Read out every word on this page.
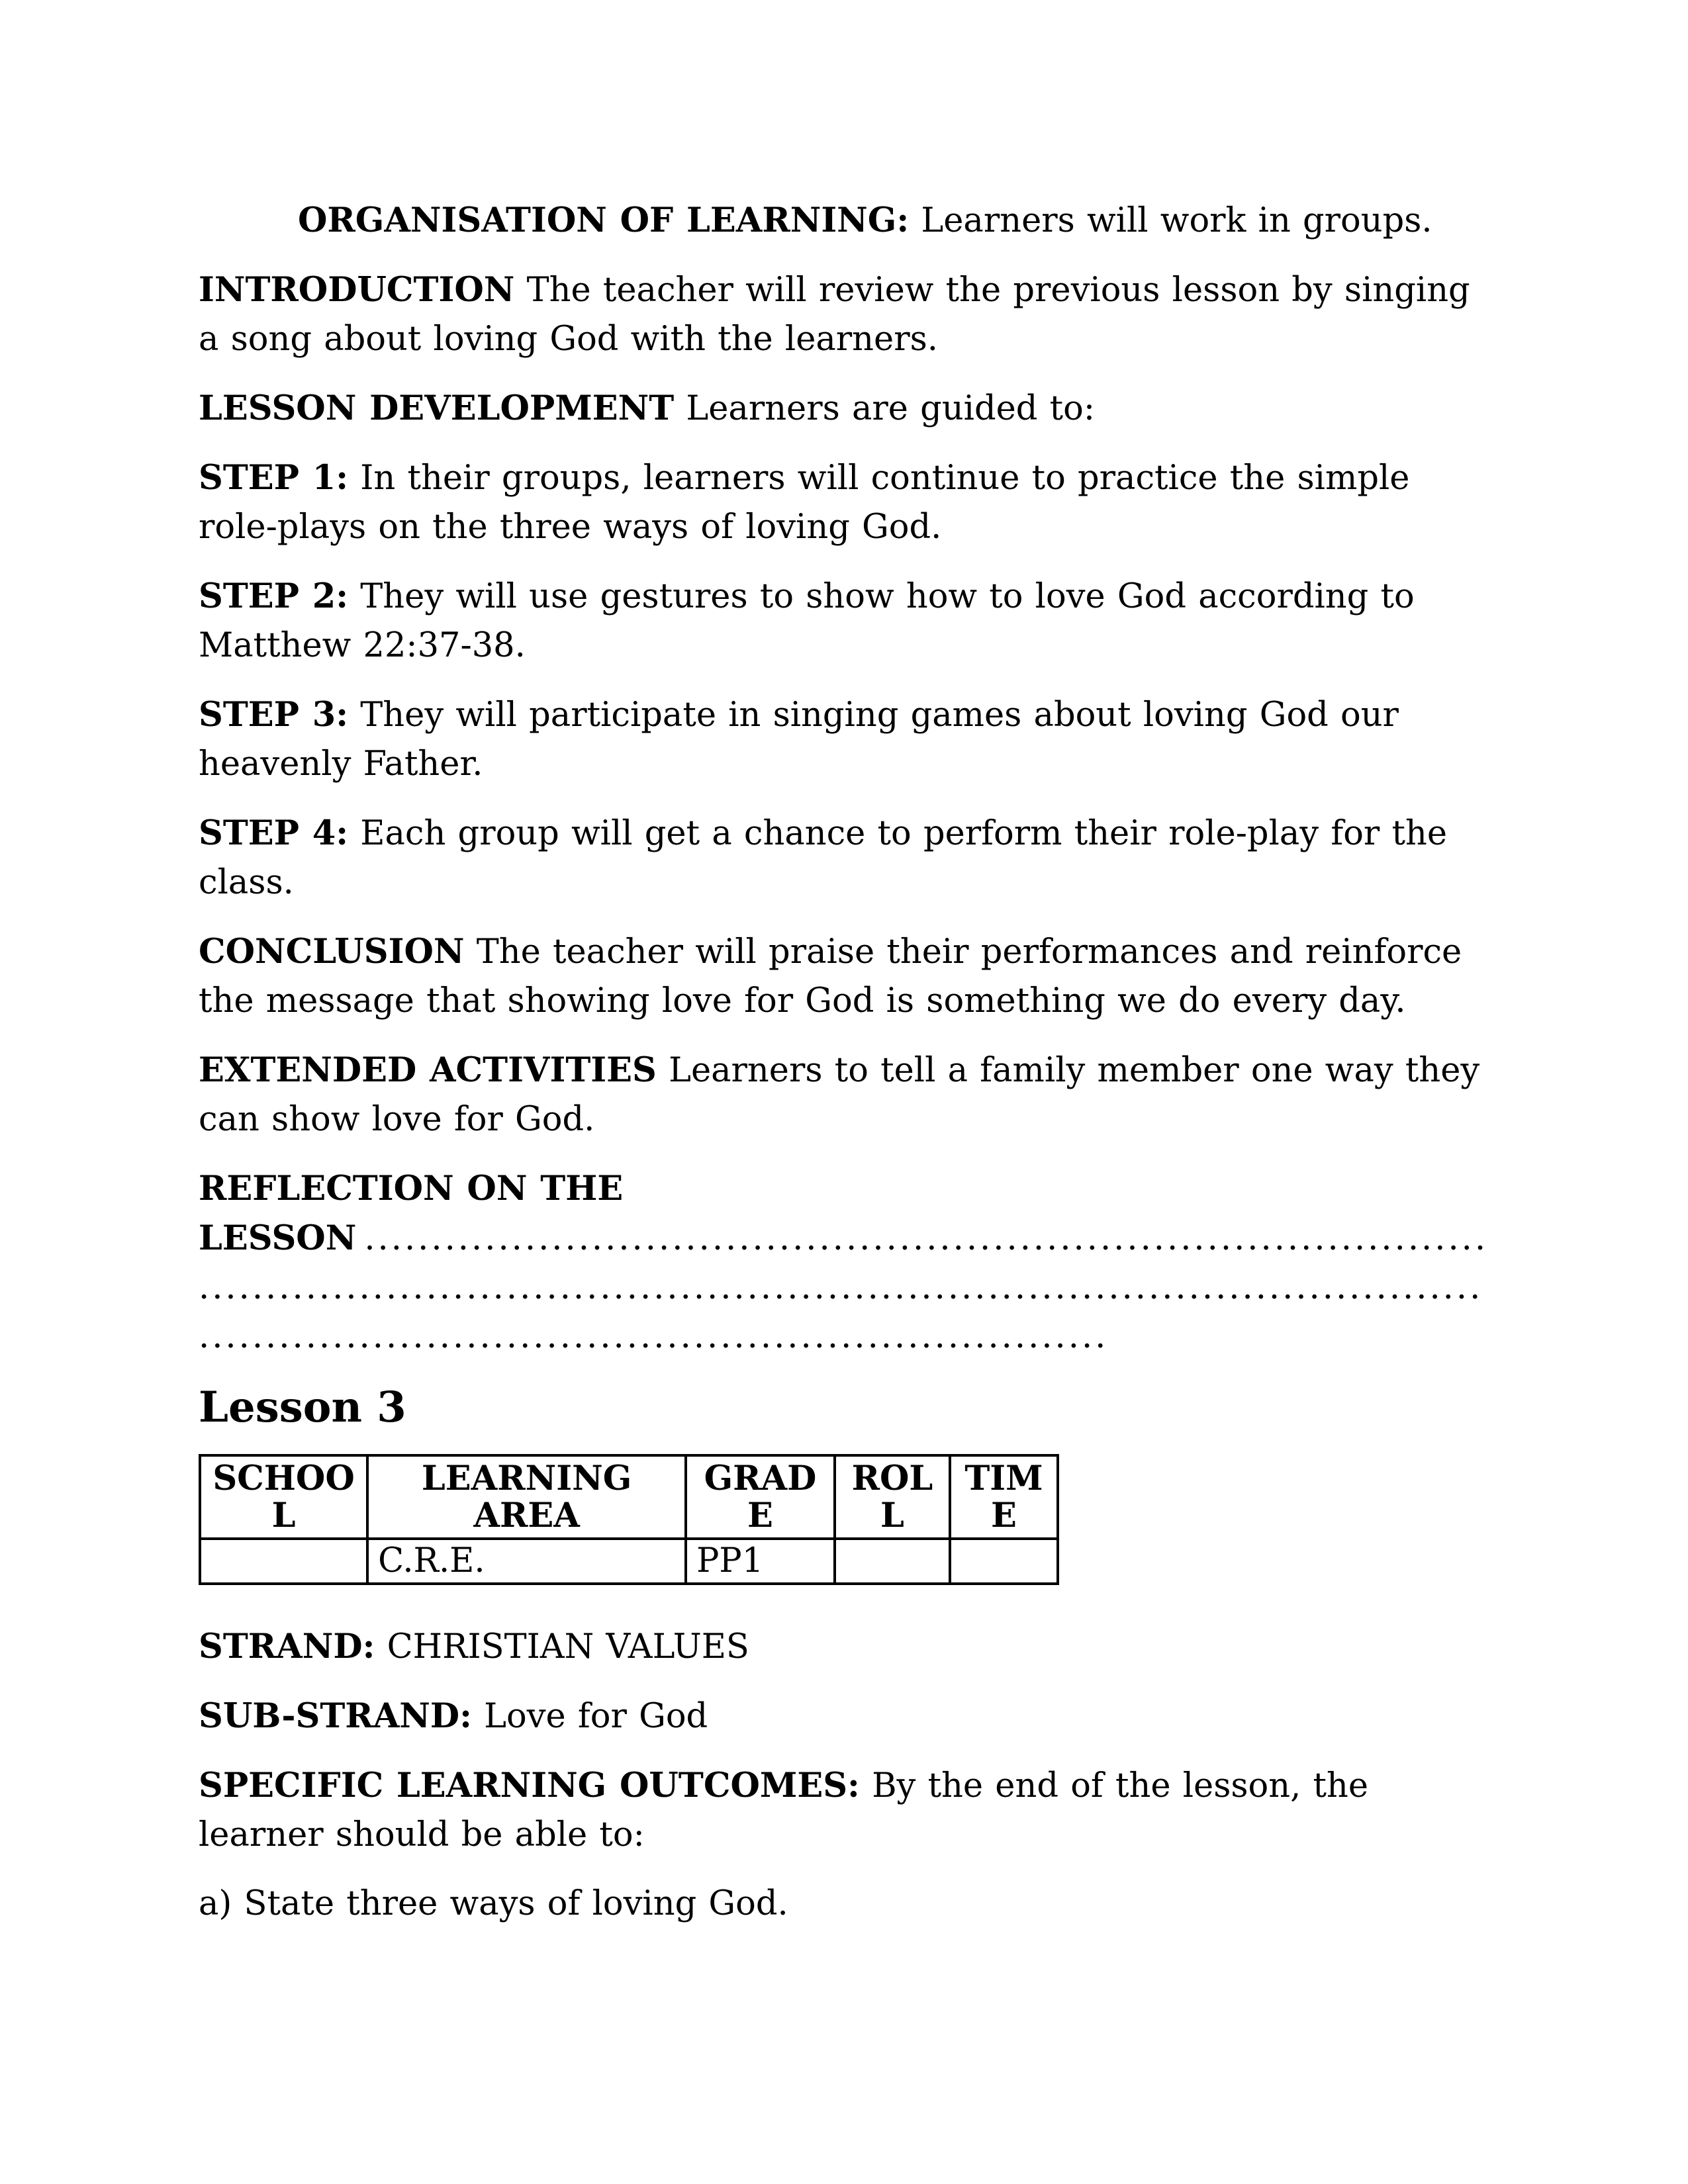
ORGANISATION OF LEARNING: Learners will work in groups.

INTRODUCTION The teacher will review the previous lesson by singing a song about loving God with the learners.

LESSON DEVELOPMENT Learners are guided to:

STEP 1: In their groups, learners will continue to practice the simple role-plays on the three ways of loving God.

STEP 2: They will use gestures to show how to love God according to Matthew 22:37-38.

STEP 3: They will participate in singing games about loving God our heavenly Father.

STEP 4: Each group will get a chance to perform their role-play for the class.

CONCLUSION The teacher will praise their performances and reinforce the message that showing love for God is something we do every day.

EXTENDED ACTIVITIES Learners to tell a family member one way they can show love for God.

REFLECTION ON THE
LESSON ....................................................................................
................................................................................................
....................................................................

Lesson 3
SCHOOL	LEARNING AREA	GRADE	ROLL	TIME
	C.R.E.	PP1		

STRAND: CHRISTIAN VALUES

SUB-STRAND: Love for God

SPECIFIC LEARNING OUTCOMES: By the end of the lesson, the learner should be able to:

a) State three ways of loving God.
